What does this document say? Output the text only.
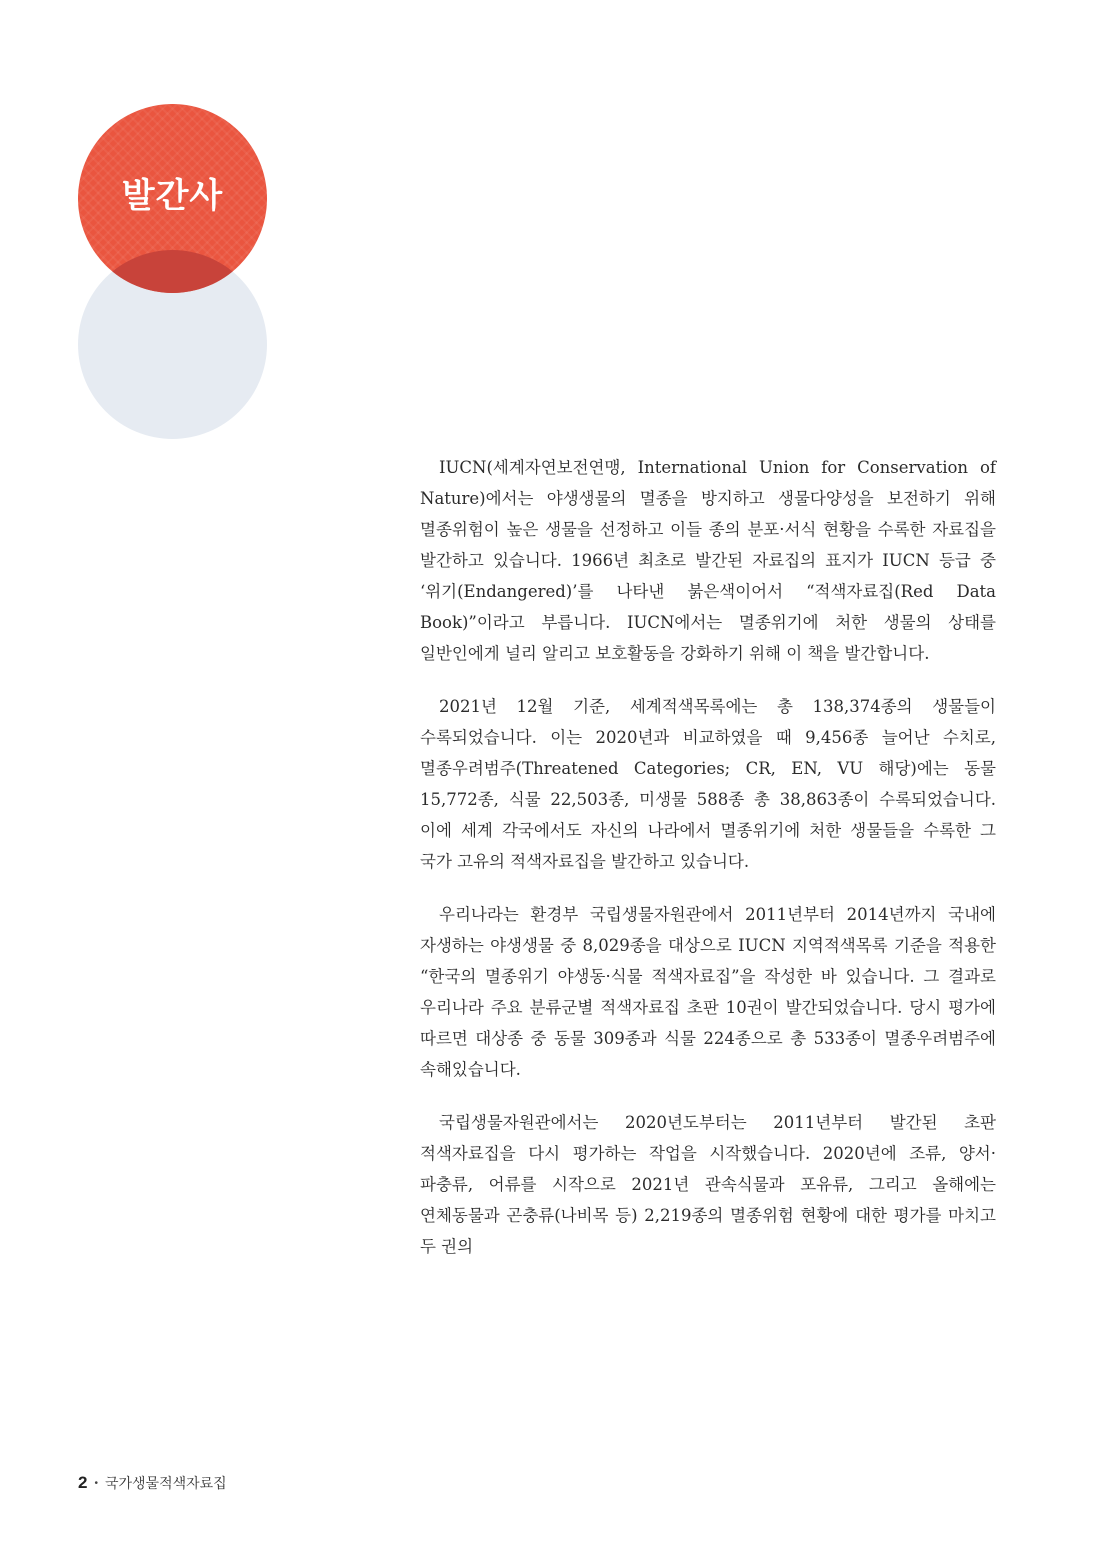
발간사

IUCN(세계자연보전연맹, International Union for Conservation of Nature)에서는 야생생물의 멸종을 방지하고 생물다양성을 보전하기 위해 멸종위험이 높은 생물을 선정하고 이들 종의 분포·서식 현황을 수록한 자료집을 발간하고 있습니다. 1966년 최초로 발간된 자료집의 표지가 IUCN 등급 중 ‘위기(Endangered)’를 나타낸 붉은색이어서 “적색자료집(Red Data Book)”이라고 부릅니다. IUCN에서는 멸종위기에 처한 생물의 상태를 일반인에게 널리 알리고 보호활동을 강화하기 위해 이 책을 발간합니다.

2021년 12월 기준, 세계적색목록에는 총 138,374종의 생물들이 수록되었습니다. 이는 2020년과 비교하였을 때 9,456종 늘어난 수치로, 멸종우려범주(Threatened Categories; CR, EN, VU 해당)에는 동물 15,772종, 식물 22,503종, 미생물 588종 총 38,863종이 수록되었습니다. 이에 세계 각국에서도 자신의 나라에서 멸종위기에 처한 생물들을 수록한 그 국가 고유의 적색자료집을 발간하고 있습니다.

우리나라는 환경부 국립생물자원관에서 2011년부터 2014년까지 국내에 자생하는 야생생물 중 8,029종을 대상으로 IUCN 지역적색목록 기준을 적용한 “한국의 멸종위기 야생동·식물 적색자료집”을 작성한 바 있습니다. 그 결과로 우리나라 주요 분류군별 적색자료집 초판 10권이 발간되었습니다. 당시 평가에 따르면 대상종 중 동물 309종과 식물 224종으로 총 533종이 멸종우려범주에 속해있습니다.

국립생물자원관에서는 2020년도부터는 2011년부터 발간된 초판 적색자료집을 다시 평가하는 작업을 시작했습니다. 2020년에 조류, 양서·파충류, 어류를 시작으로 2021년 관속식물과 포유류, 그리고 올해에는 연체동물과 곤충류(나비목 등) 2,219종의 멸종위험 현황에 대한 평가를 마치고 두 권의

2 • 국가생물적색자료집
